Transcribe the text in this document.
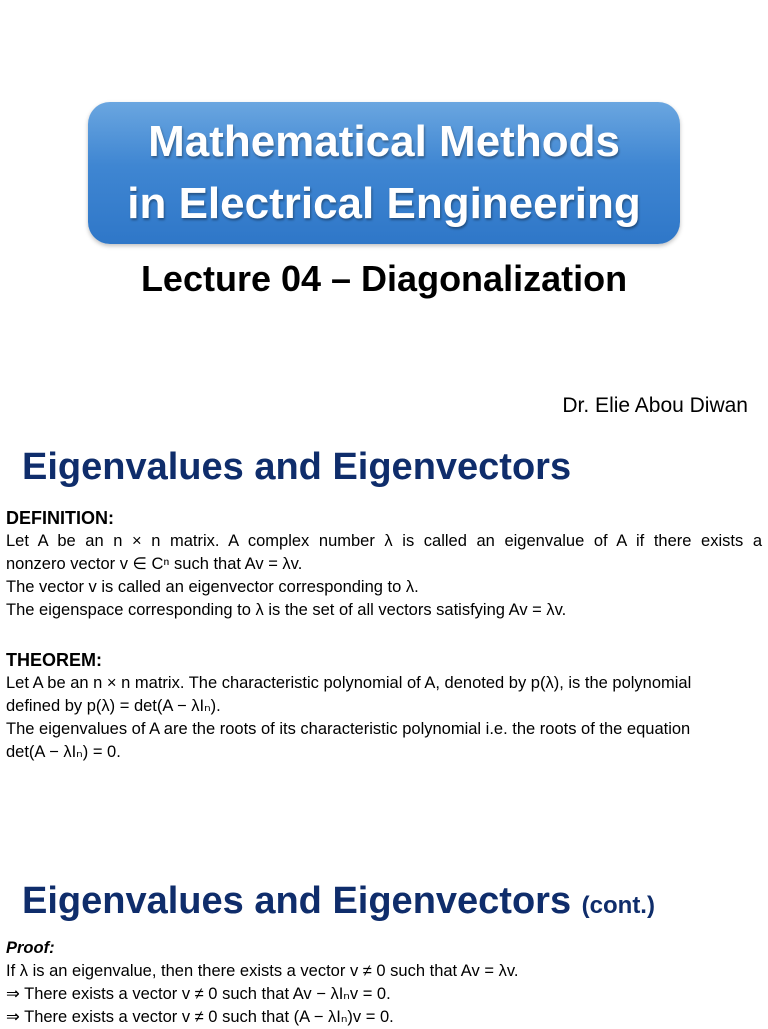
Mathematical Methods
in Electrical Engineering
Lecture 04 – Diagonalization
Dr. Elie Abou Diwan
Eigenvalues and Eigenvectors
DEFINITION:
Let A be an n × n matrix. A complex number λ is called an eigenvalue of A if there exists a
nonzero vector v ∈ Cⁿ such that Av = λv.
The vector v is called an eigenvector corresponding to λ.
The eigenspace corresponding to λ is the set of all vectors satisfying Av = λv.
THEOREM:
Let A be an n × n matrix. The characteristic polynomial of A, denoted by p(λ), is the polynomial
defined by p(λ) = det(A − λIₙ).
The eigenvalues of A are the roots of its characteristic polynomial i.e. the roots of the equation
det(A − λIₙ) = 0.
Eigenvalues and Eigenvectors (cont.)
Proof:
If λ is an eigenvalue, then there exists a vector v ≠ 0 such that Av = λv.
⇒ There exists a vector v ≠ 0 such that Av − λIₙv = 0.
⇒ There exists a vector v ≠ 0 such that (A − λIₙ)v = 0.
